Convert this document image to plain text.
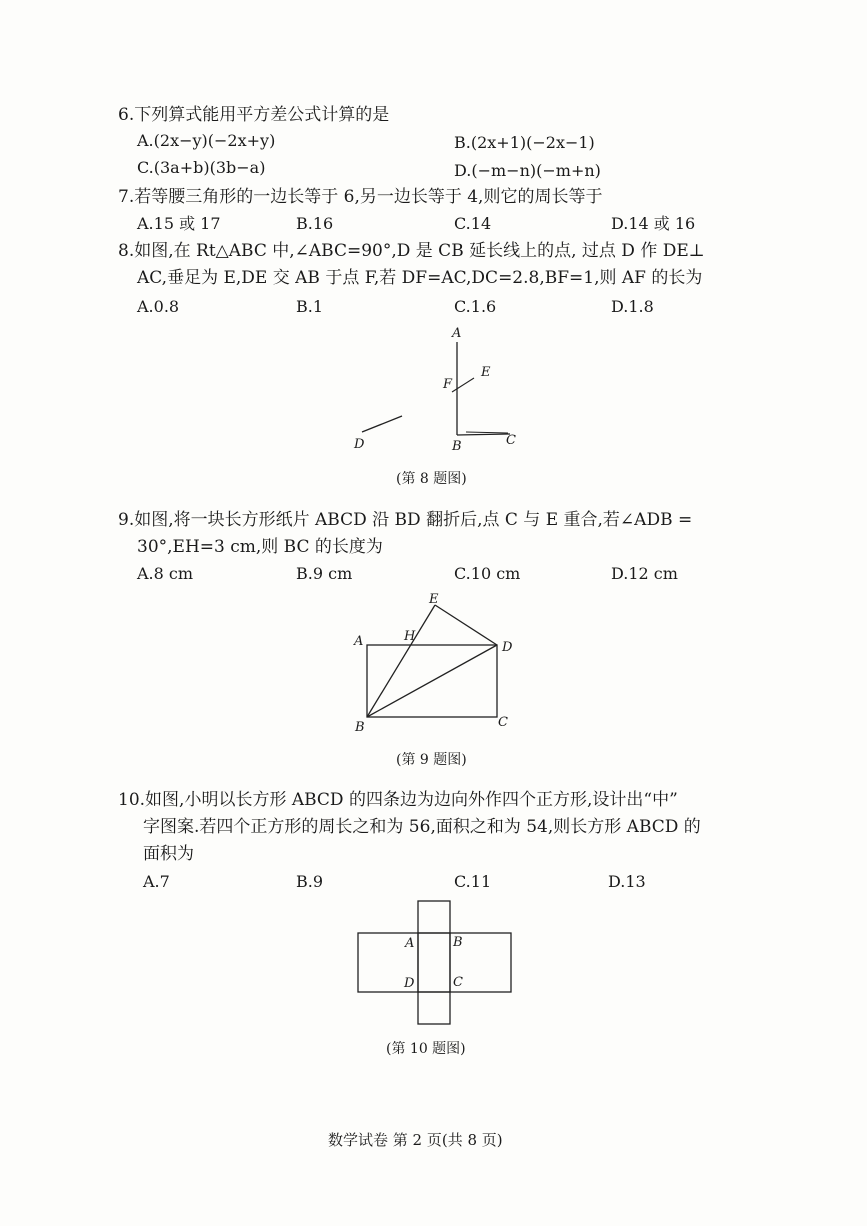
6.下列算式能用平方差公式计算的是
A.(2x−y)(−2x+y)	B.(2x+1)(−2x−1)
C.(3a+b)(3b−a)	D.(−m−n)(−m+n)
7.若等腰三角形的一边长等于 6,另一边长等于 4,则它的周长等于
A.15 或 17	B.16	C.14	D.14 或 16
8.如图,在 Rt△ABC 中,∠ABC=90°,D 是 CB 延长线上的点, 过点 D 作 DE⊥
AC,垂足为 E,DE 交 AB 于点 F,若 DF=AC,DC=2.8,BF=1,则 AF 的长为
A.0.8	B.1	C.1.6	D.1.8
A
E
F
D	B	C
(第 8 题图)
9.如图,将一块长方形纸片 ABCD 沿 BD 翻折后,点 C 与 E 重合,若∠ADB =
30°,EH=3 cm,则 BC 的长度为
A.8 cm	B.9 cm	C.10 cm	D.12 cm
A	H
E
D
B	C
(第 9 题图)
10.如图,小明以长方形 ABCD 的四条边为边向外作四个正方形,设计出“中”
字图案.若四个正方形的周长之和为 56,面积之和为 54,则长方形 ABCD 的
面积为
A.7	B.9	C.11	D.13
A	B
C
D
(第 10 题图)
数学试卷 第 2 页(共 8 页)
